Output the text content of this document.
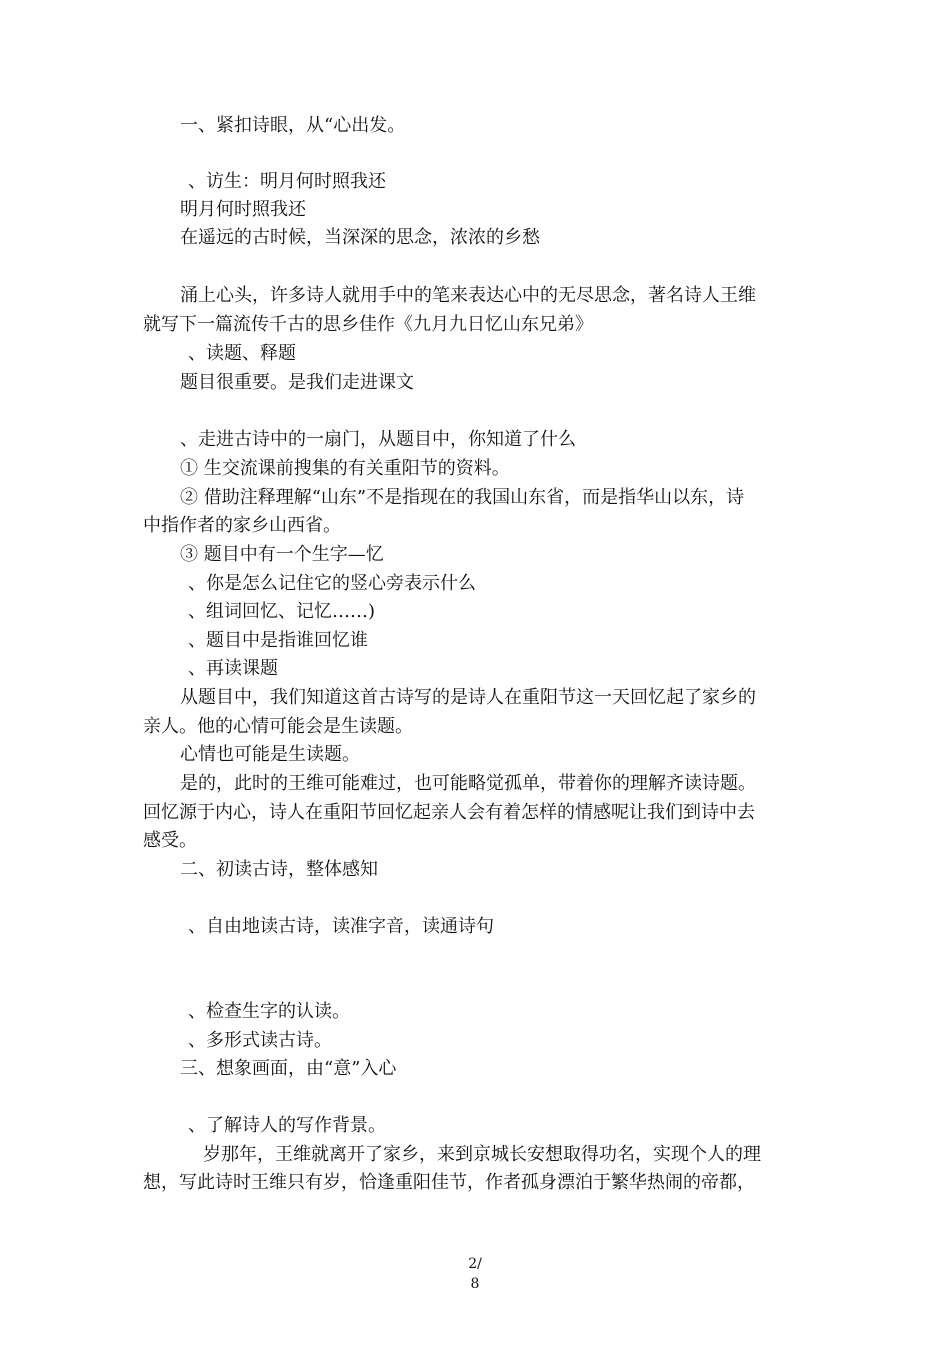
一、紧扣诗眼，从“心出发。
、访生：明月何时照我还
明月何时照我还
在遥远的古时候，当深深的思念，浓浓的乡愁
涌上心头，许多诗人就用手中的笔来表达心中的无尽思念，著名诗人王维
就写下一篇流传千古的思乡佳作《九月九日忆山东兄弟》
、读题、释题
题目很重要。是我们走进课文
、走进古诗中的一扇门，从题目中，你知道了什么
① 生交流课前搜集的有关重阳节的资料。
② 借助注释理解“山东”不是指现在的我国山东省，而是指华山以东，诗
中指作者的家乡山西省。
③ 题目中有一个生字—忆
、你是怎么记住它的竖心旁表示什么
、组词回忆、记忆……)
、题目中是指谁回忆谁
、再读课题
从题目中，我们知道这首古诗写的是诗人在重阳节这一天回忆起了家乡的
亲人。他的心情可能会是生读题。
心情也可能是生读题。
是的，此时的王维可能难过，也可能略觉孤单，带着你的理解齐读诗题。
回忆源于内心，诗人在重阳节回忆起亲人会有着怎样的情感呢让我们到诗中去
感受。
二、初读古诗，整体感知
、自由地读古诗，读准字音，读通诗句
、检查生字的认读。
、多形式读古诗。
三、想象画面，由“意”入心
、了解诗人的写作背景。
岁那年，王维就离开了家乡，来到京城长安想取得功名，实现个人的理
想，写此诗时王维只有岁，恰逢重阳佳节，作者孤身漂泊于繁华热闹的帝都，
2/
8
